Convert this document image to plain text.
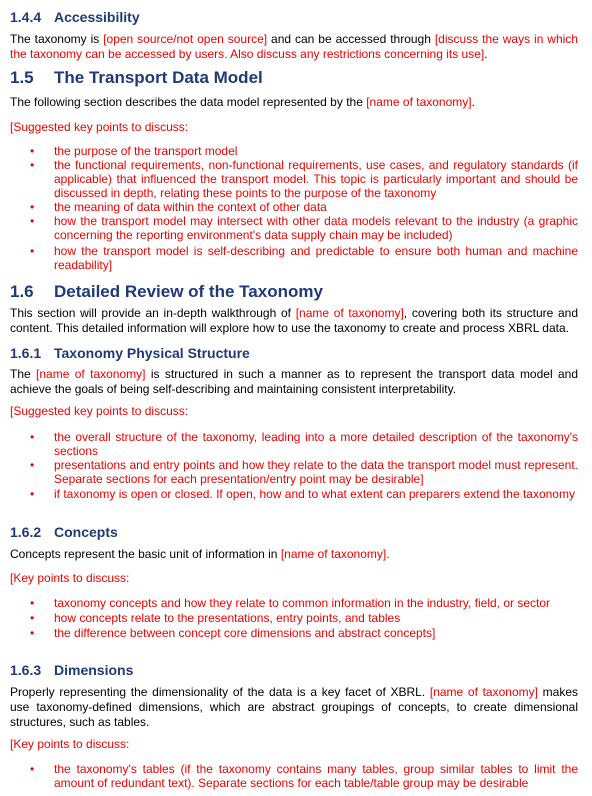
1.4.4 Accessibility

The taxonomy is [open source/not open source] and can be accessed through [discuss the ways in which the taxonomy can be accessed by users. Also discuss any restrictions concerning its use].

1.5 The Transport Data Model

The following section describes the data model represented by the [name of taxonomy].

[Suggested key points to discuss:

• the purpose of the transport model
• the functional requirements, non-functional requirements, use cases, and regulatory standards (if applicable) that influenced the transport model. This topic is particularly important and should be discussed in depth, relating these points to the purpose of the taxonomy
• the meaning of data within the context of other data
• how the transport model may intersect with other data models relevant to the industry (a graphic concerning the reporting environment's data supply chain may be included)
• how the transport model is self-describing and predictable to ensure both human and machine readability]
1.6 Detailed Review of the Taxonomy

This section will provide an in-depth walkthrough of [name of taxonomy], covering both its structure and content. This detailed information will explore how to use the taxonomy to create and process XBRL data.

1.6.1 Taxonomy Physical Structure

The [name of taxonomy] is structured in such a manner as to represent the transport data model and achieve the goals of being self-describing and maintaining consistent interpretability.

[Suggested key points to discuss:

• the overall structure of the taxonomy, leading into a more detailed description of the taxonomy's sections
• presentations and entry points and how they relate to the data the transport model must represent. Separate sections for each presentation/entry point may be desirable]
• if taxonomy is open or closed. If open, how and to what extent can preparers extend the taxonomy
1.6.2 Concepts

Concepts represent the basic unit of information in [name of taxonomy].

[Key points to discuss:

• taxonomy concepts and how they relate to common information in the industry, field, or sector
• how concepts relate to the presentations, entry points, and tables
• the difference between concept core dimensions and abstract concepts]
1.6.3 Dimensions

Properly representing the dimensionality of the data is a key facet of XBRL. [name of taxonomy] makes use taxonomy-defined dimensions, which are abstract groupings of concepts, to create dimensional structures, such as tables.

[Key points to discuss:

• the taxonomy's tables (if the taxonomy contains many tables, group similar tables to limit the amount of redundant text). Separate sections for each table/table group may be desirable
